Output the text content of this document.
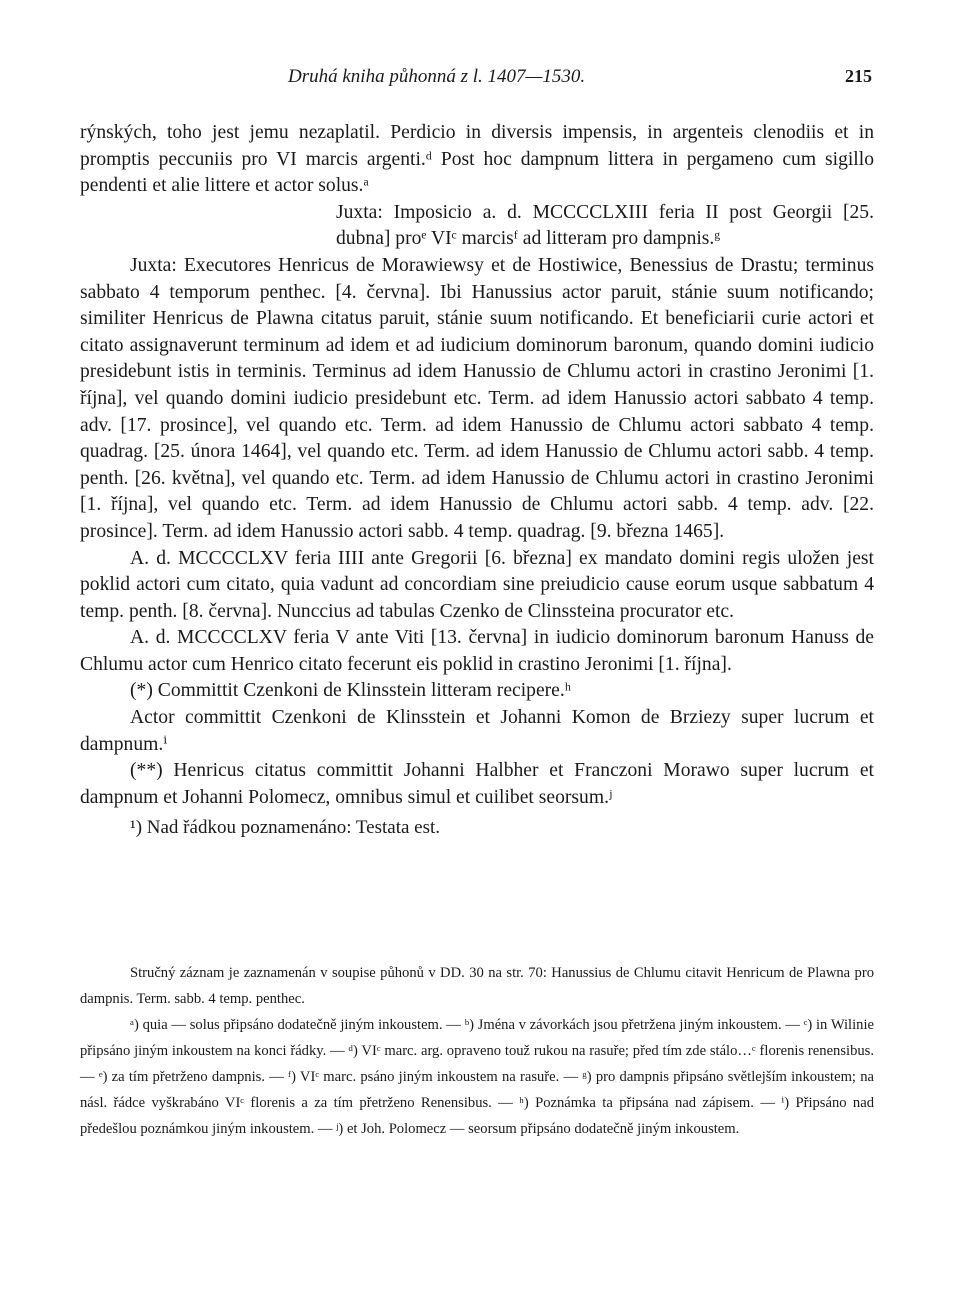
Druhá kniha půhonná z l. 1407—1530.	215

rýnských, toho jest jemu nezaplatil. Perdicio in diversis impensis, in argenteis clenodiis et in promptis peccuniis pro VI marcis argenti.ᵈ Post hoc dampnum littera in pergameno cum sigillo pendenti et alie littere et actor solus.ᵃ

Juxta: Imposicio a. d. MCCCCLXIII feria II post Georgii [25. dubna] proᵉ VIᶜ marcisᶠ ad litteram pro dampnis.ᵍ

Juxta: Executores Henricus de Morawiewsy et de Hostiwice, Benessius de Drastu; terminus sabbato 4 temporum penthec. [4. června]. Ibi Hanussius actor paruit, stánie suum notificando; similiter Henricus de Plawna citatus paruit, stánie suum notificando. Et beneficiarii curie actori et citato assignaverunt terminum ad idem et ad iudicium dominorum baronum, quando domini iudicio presidebunt istis in terminis. Terminus ad idem Hanussio de Chlumu actori in crastino Jeronimi [1. října], vel quando domini iudicio presidebunt etc. Term. ad idem Hanussio actori sabbato 4 temp. adv. [17. prosince], vel quando etc. Term. ad idem Hanussio de Chlumu actori sabbato 4 temp. quadrag. [25. února 1464], vel quando etc. Term. ad idem Hanussio de Chlumu actori sabb. 4 temp. penth. [26. května], vel quando etc. Term. ad idem Hanussio de Chlumu actori in crastino Jeronimi [1. října], vel quando etc. Term. ad idem Hanussio de Chlumu actori sabb. 4 temp. adv. [22. prosince]. Term. ad idem Hanussio actori sabb. 4 temp. quadrag. [9. března 1465].

A. d. MCCCCLXV feria IIII ante Gregorii [6. března] ex mandato domini regis uložen jest poklid actori cum citato, quia vadunt ad concordiam sine preiudicio cause eorum usque sabbatum 4 temp. penth. [8. června]. Nunccius ad tabulas Czenko de Clinssteina procurator etc.

A. d. MCCCCLXV feria V ante Viti [13. června] in iudicio dominorum baronum Hanuss de Chlumu actor cum Henrico citato fecerunt eis poklid in crastino Jeronimi [1. října].

(*) Committit Czenkoni de Klinsstein litteram recipere.ʰ

Actor committit Czenkoni de Klinsstein et Johanni Komon de Brziezy super lucrum et dampnum.ⁱ

(**) Henricus citatus committit Johanni Halbher et Franczoni Morawo super lucrum et dampnum et Johanni Polomecz, omnibus simul et cuilibet seorsum.ʲ

¹) Nad řádkou poznamenáno: Testata est.

Stručný záznam je zaznamenán v soupise půhonů v DD. 30 na str. 70: Hanussius de Chlumu citavit Henricum de Plawna pro dampnis. Term. sabb. 4 temp. penthec.

ᵃ) quia — solus připsáno dodatečně jiným inkoustem. — ᵇ) Jména v závorkách jsou přetržena jiným inkoustem. — ᶜ) in Wilinie připsáno jiným inkoustem na konci řádky. — ᵈ) VIᶜ marc. arg. opraveno touž rukou na rasuře; před tím zde stálo…ᶜ florenis renensibus. — ᵉ) za tím přetrženo dampnis. — ᶠ) VIᶜ marc. psáno jiným inkoustem na rasuře. — ᵍ) pro dampnis připsáno světlejším inkoustem; na násl. řádce vyškrabáno VIᶜ florenis a za tím přetrženo Renensibus. — ʰ) Poznámka ta připsána nad zápisem. — ⁱ) Připsáno nad předešlou poznámkou jiným inkoustem. — ʲ) et Joh. Polomecz — seorsum připsáno dodatečně jiným inkoustem.
